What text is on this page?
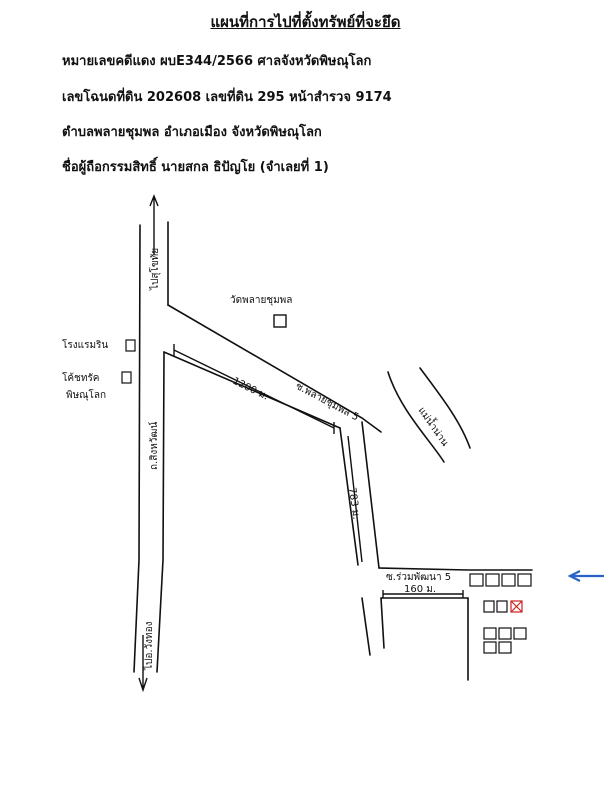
แผนที่การไปที่ตั้งทรัพย์ที่จะยึด
หมายเลขคดีแดง ผบE344/2566 ศาลจังหวัดพิษณุโลก
เลขโฉนดที่ดิน 202608 เลขที่ดิน 295 หน้าสำรวจ 9174
ตำบลพลายชุมพล อำเภอเมือง จังหวัดพิษณุโลก
ชื่อผู้ถือกรรมสิทธิ์ นายสกล ธิปัญโย (จำเลยที่ 1)
ไปสุโขทัย
ถ.สิงหวัฒน์
ไปอ.วังทอง
โรงแรมริน
โค้ชทรัค
พิษณุโลก
วัดพลายชุมพล
ซ.พลายชุมพล 5
1200 ม.
แม่น้ำน่าน
783 ม.
ซ.ร่วมพัฒนา 5
160 ม.
